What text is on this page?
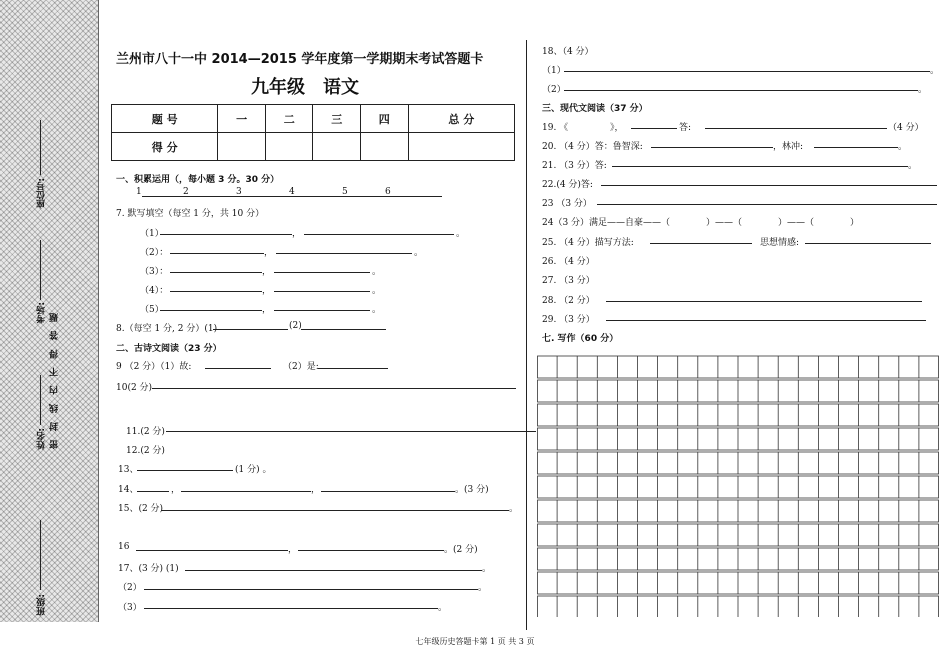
座位号:
考场: 密 封 线 内 不 得 答 题
姓名:
班级:
兰州市八十一中 2014—2015 学年度第一学期期末考试答题卡
九年级　语文
题 号	一	二	三	四	总 分
得 分					
一、积累运用（，每小题 3 分。30 分）
1	2	3	4	5	6
7. 默写填空（每空 1 分，共 10 分）
（1）	，	。
（2）：	，	。
（3）：	，	。
（4）：	，	。
（5）	，	。
8.（每空 1 分, 2 分）(1)	(2)
二、古诗文阅读（23 分）
9 （2 分）（1）故:	（2）是:
10(2 分)
11.(2 分)
12.(2 分)
13、	(1 分) 。
14、	，	，	。(3 分)
15、(2 分)	。
16	，	。(2 分)
17、(3 分) (1)	。
（2）	。
（3）	。
18、（4 分）
（1）	。
（2）	。
三、现代文阅读（37 分）
19. 《	》，	答:	（4 分）
20. （4 分）答：鲁智深:	，林冲:	。
21. （3 分）答:	。
22.(4 分)答:
23 （3 分）
24（3 分）满足——自豪——（　　　　）——（　　　　）——（　　　　）
25. （4 分）描写方法:	思想情感:
26. （4 分）
27. （3 分）
28. （2 分）
29. （3 分）
七. 写作（60 分）
七年级历史答题卡第 1 页 共 3 页
